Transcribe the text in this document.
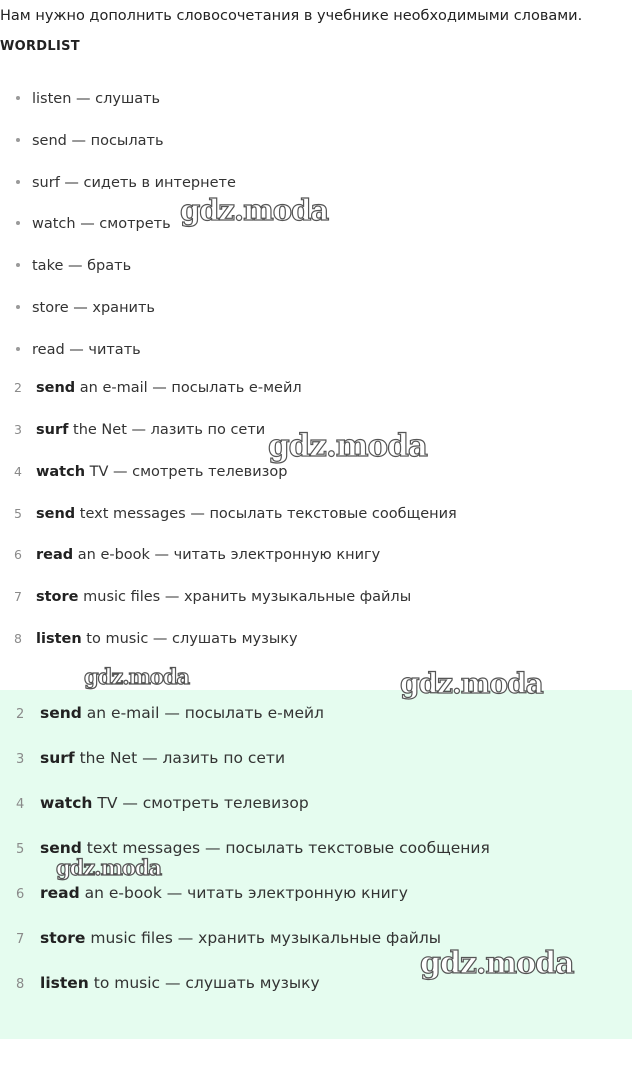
Нам нужно дополнить словосочетания в учебнике необходимыми словами.
WORDLIST
listen — слушать
send — посылать
surf — сидеть в интернете
watch — смотреть
take — брать
store — хранить
read — читать
2 send an e-mail — посылать e-мейл
3 surf the Net — лазить по сети
4 watch TV — смотреть телевизор
5 send text messages — посылать текстовые сообщения
6 read an e-book — читать электронную книгу
7 store music files — хранить музыкальные файлы
8 listen to music — слушать музыку
2 send an e-mail — посылать e-мейл
3 surf the Net — лазить по сети
4 watch TV — смотреть телевизор
5 send text messages — посылать текстовые сообщения
6 read an e-book — читать электронную книгу
7 store music files — хранить музыкальные файлы
8 listen to music — слушать музыку
gdz.moda
gdz.moda
gdz.moda	gdz.moda
gdz.moda
gdz.moda
